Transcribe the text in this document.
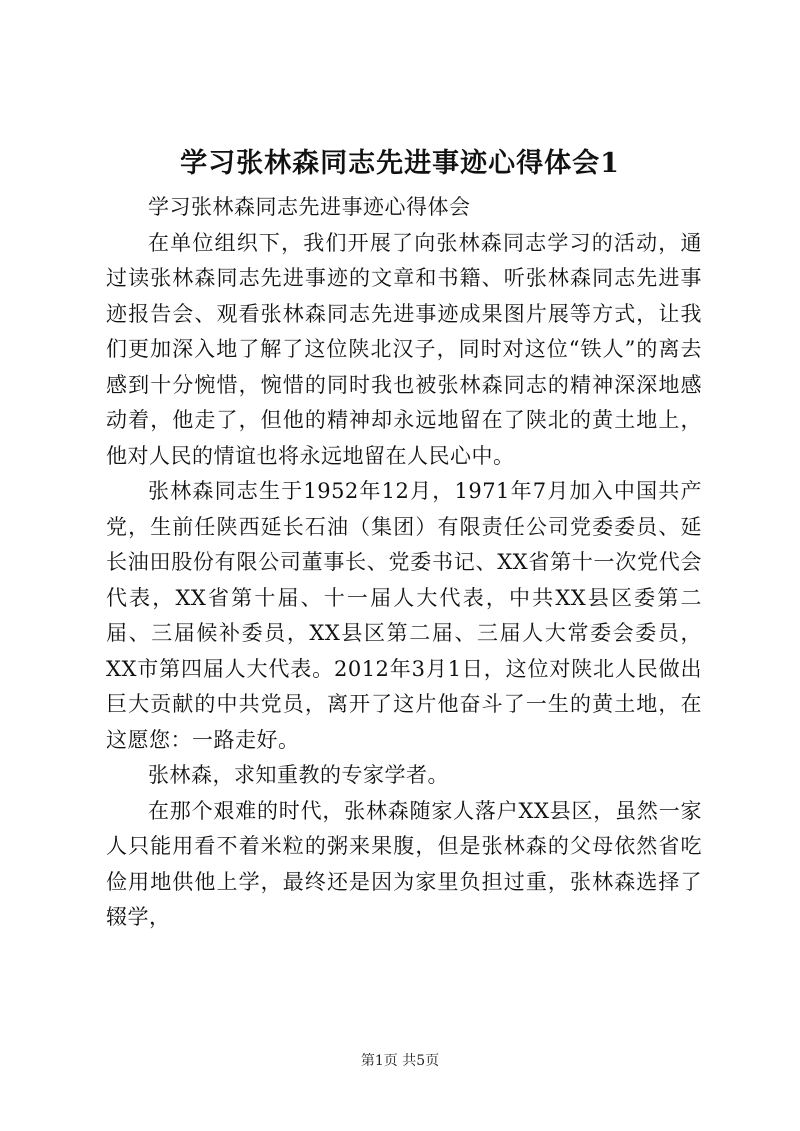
学习张林森同志先进事迹心得体会1

学习张林森同志先进事迹心得体会

在单位组织下，我们开展了向张林森同志学习的活动，通过读张林森同志先进事迹的文章和书籍、听张林森同志先进事迹报告会、观看张林森同志先进事迹成果图片展等方式，让我们更加深入地了解了这位陕北汉子，同时对这位“铁人”的离去感到十分惋惜，惋惜的同时我也被张林森同志的精神深深地感动着，他走了，但他的精神却永远地留在了陕北的黄土地上，他对人民的情谊也将永远地留在人民心中。

张林森同志生于1952年12月，1971年7月加入中国共产党，生前任陕西延长石油（集团）有限责任公司党委委员、延长油田股份有限公司董事长、党委书记、XX省第十一次党代会代表，XX省第十届、十一届人大代表，中共XX县区委第二届、三届候补委员，XX县区第二届、三届人大常委会委员，XX市第四届人大代表。2012年3月1日，这位对陕北人民做出巨大贡献的中共党员，离开了这片他奋斗了一生的黄土地，在这愿您：一路走好。

张林森，求知重教的专家学者。

在那个艰难的时代，张林森随家人落户XX县区，虽然一家人只能用看不着米粒的粥来果腹，但是张林森的父母依然省吃俭用地供他上学，最终还是因为家里负担过重，张林森选择了辍学，

第1页 共5页
